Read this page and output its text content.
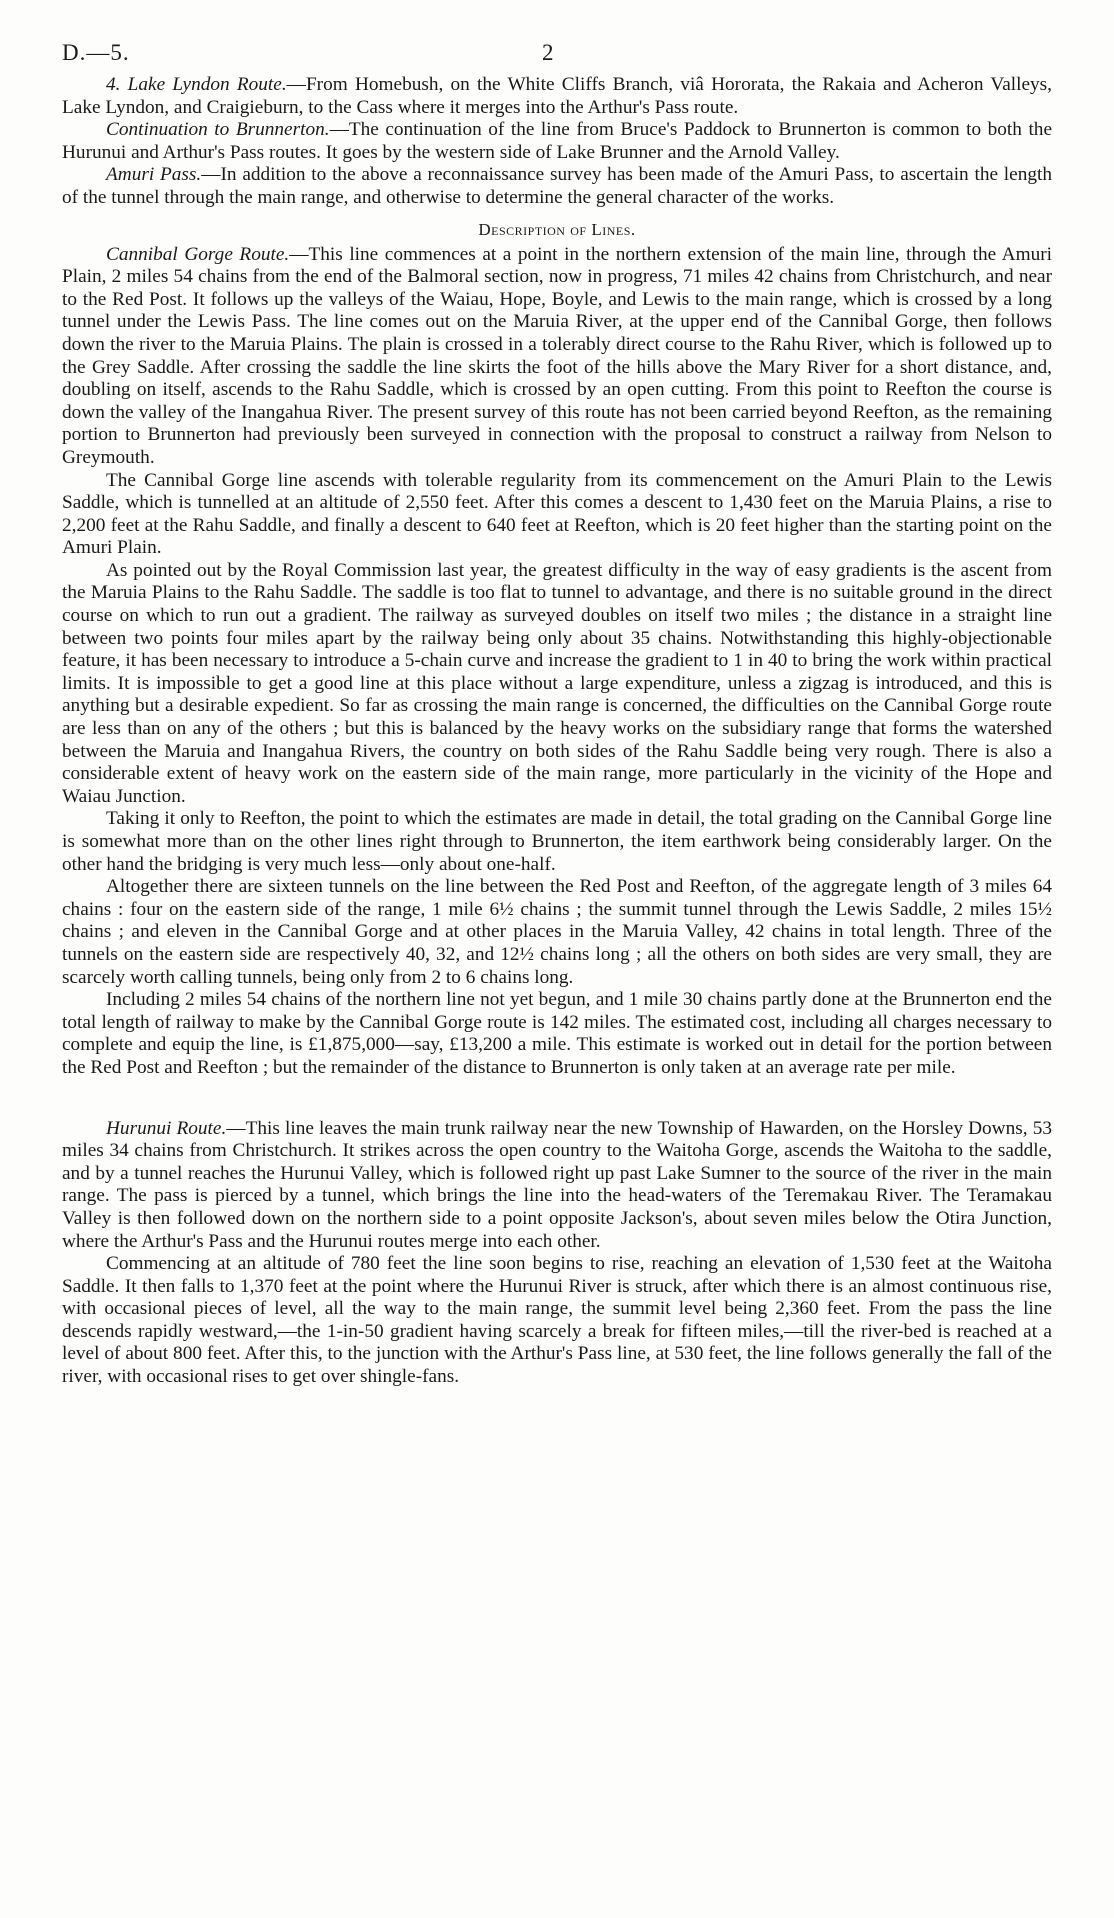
D.—5.	2

4. Lake Lyndon Route.—From Homebush, on the White Cliffs Branch, viâ Hororata, the Rakaia and Acheron Valleys, Lake Lyndon, and Craigieburn, to the Cass where it merges into the Arthur's Pass route.

Continuation to Brunnerton.—The continuation of the line from Bruce's Paddock to Brunnerton is common to both the Hurunui and Arthur's Pass routes. It goes by the western side of Lake Brunner and the Arnold Valley.

Amuri Pass.—In addition to the above a reconnaissance survey has been made of the Amuri Pass, to ascertain the length of the tunnel through the main range, and otherwise to determine the general character of the works.

Description of Lines.

Cannibal Gorge Route.—This line commences at a point in the northern extension of the main line, through the Amuri Plain, 2 miles 54 chains from the end of the Balmoral section, now in progress, 71 miles 42 chains from Christchurch, and near to the Red Post. It follows up the valleys of the Waiau, Hope, Boyle, and Lewis to the main range, which is crossed by a long tunnel under the Lewis Pass. The line comes out on the Maruia River, at the upper end of the Cannibal Gorge, then follows down the river to the Maruia Plains. The plain is crossed in a tolerably direct course to the Rahu River, which is followed up to the Grey Saddle. After crossing the saddle the line skirts the foot of the hills above the Mary River for a short distance, and, doubling on itself, ascends to the Rahu Saddle, which is crossed by an open cutting. From this point to Reefton the course is down the valley of the Inangahua River. The present survey of this route has not been carried beyond Reefton, as the remaining portion to Brunnerton had previously been surveyed in connection with the proposal to construct a railway from Nelson to Greymouth.

The Cannibal Gorge line ascends with tolerable regularity from its commencement on the Amuri Plain to the Lewis Saddle, which is tunnelled at an altitude of 2,550 feet. After this comes a descent to 1,430 feet on the Maruia Plains, a rise to 2,200 feet at the Rahu Saddle, and finally a descent to 640 feet at Reefton, which is 20 feet higher than the starting point on the Amuri Plain.

As pointed out by the Royal Commission last year, the greatest difficulty in the way of easy gradients is the ascent from the Maruia Plains to the Rahu Saddle. The saddle is too flat to tunnel to advantage, and there is no suitable ground in the direct course on which to run out a gradient. The railway as surveyed doubles on itself two miles ; the distance in a straight line between two points four miles apart by the railway being only about 35 chains. Notwithstanding this highly-objectionable feature, it has been necessary to introduce a 5-chain curve and increase the gradient to 1 in 40 to bring the work within practical limits. It is impossible to get a good line at this place without a large expenditure, unless a zigzag is introduced, and this is anything but a desirable expedient. So far as crossing the main range is concerned, the difficulties on the Cannibal Gorge route are less than on any of the others ; but this is balanced by the heavy works on the subsidiary range that forms the watershed between the Maruia and Inangahua Rivers, the country on both sides of the Rahu Saddle being very rough. There is also a considerable extent of heavy work on the eastern side of the main range, more particularly in the vicinity of the Hope and Waiau Junction.

Taking it only to Reefton, the point to which the estimates are made in detail, the total grading on the Cannibal Gorge line is somewhat more than on the other lines right through to Brunnerton, the item earthwork being considerably larger. On the other hand the bridging is very much less—only about one-half.

Altogether there are sixteen tunnels on the line between the Red Post and Reefton, of the aggregate length of 3 miles 64 chains : four on the eastern side of the range, 1 mile 6½ chains ; the summit tunnel through the Lewis Saddle, 2 miles 15½ chains ; and eleven in the Cannibal Gorge and at other places in the Maruia Valley, 42 chains in total length. Three of the tunnels on the eastern side are respectively 40, 32, and 12½ chains long ; all the others on both sides are very small, they are scarcely worth calling tunnels, being only from 2 to 6 chains long.

Including 2 miles 54 chains of the northern line not yet begun, and 1 mile 30 chains partly done at the Brunnerton end the total length of railway to make by the Cannibal Gorge route is 142 miles. The estimated cost, including all charges necessary to complete and equip the line, is £1,875,000—say, £13,200 a mile. This estimate is worked out in detail for the portion between the Red Post and Reefton ; but the remainder of the distance to Brunnerton is only taken at an average rate per mile.

Hurunui Route.—This line leaves the main trunk railway near the new Township of Hawarden, on the Horsley Downs, 53 miles 34 chains from Christchurch. It strikes across the open country to the Waitoha Gorge, ascends the Waitoha to the saddle, and by a tunnel reaches the Hurunui Valley, which is followed right up past Lake Sumner to the source of the river in the main range. The pass is pierced by a tunnel, which brings the line into the head-waters of the Teremakau River. The Teramakau Valley is then followed down on the northern side to a point opposite Jackson's, about seven miles below the Otira Junction, where the Arthur's Pass and the Hurunui routes merge into each other.

Commencing at an altitude of 780 feet the line soon begins to rise, reaching an elevation of 1,530 feet at the Waitoha Saddle. It then falls to 1,370 feet at the point where the Hurunui River is struck, after which there is an almost continuous rise, with occasional pieces of level, all the way to the main range, the summit level being 2,360 feet. From the pass the line descends rapidly westward,—the 1-in-50 gradient having scarcely a break for fifteen miles,—till the river-bed is reached at a level of about 800 feet. After this, to the junction with the Arthur's Pass line, at 530 feet, the line follows generally the fall of the river, with occasional rises to get over shingle-fans.
